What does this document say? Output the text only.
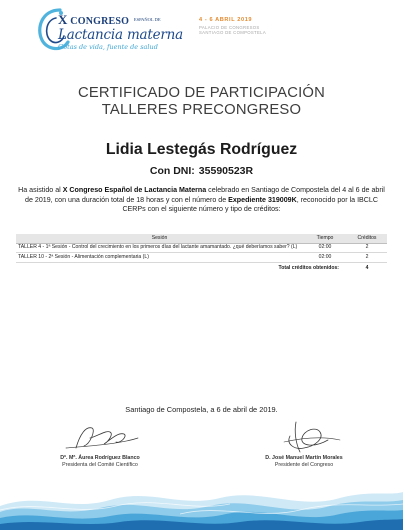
X CONGRESO $^{ESPAÑOL DE}$
Lactancia materna
Gotas de vida, fuente de salud
4 - 6 ABRIL 2019
PALACIO DE CONGRESOS
SANTIAGO DE COMPOSTELA
CERTIFICADO DE PARTICIPACIÓN
TALLERES PRECONGRESO
Lidia Lestegás Rodríguez
Con DNI: 35590523R
Ha asistido al X Congreso Español de Lactancia Materna celebrado en Santiago de Compostela del 4 al 6 de abril de 2019, con una duración total de 18 horas y con el número de Expediente 319009K, reconocido por la IBCLC CERPs con el siguiente número y tipo de créditos:
Sesión	Tiempo	Créditos
TALLER 4 - 1ª Sesión - Control del crecimiento en los primeros días del lactante amamantado. ¿qué deberíamos saber? (L)	02:00	2
TALLER 10 - 2ª Sesión - Alimentación complementaria (L)	02:00	2
Total créditos obtenidos:		4
Santiago de Compostela, a 6 de abril de 2019.
Dª. Mª. Áurea Rodríguez Blanco
Presidenta del Comité Científico
D. José Manuel Martín Morales
Presidente del Congreso
